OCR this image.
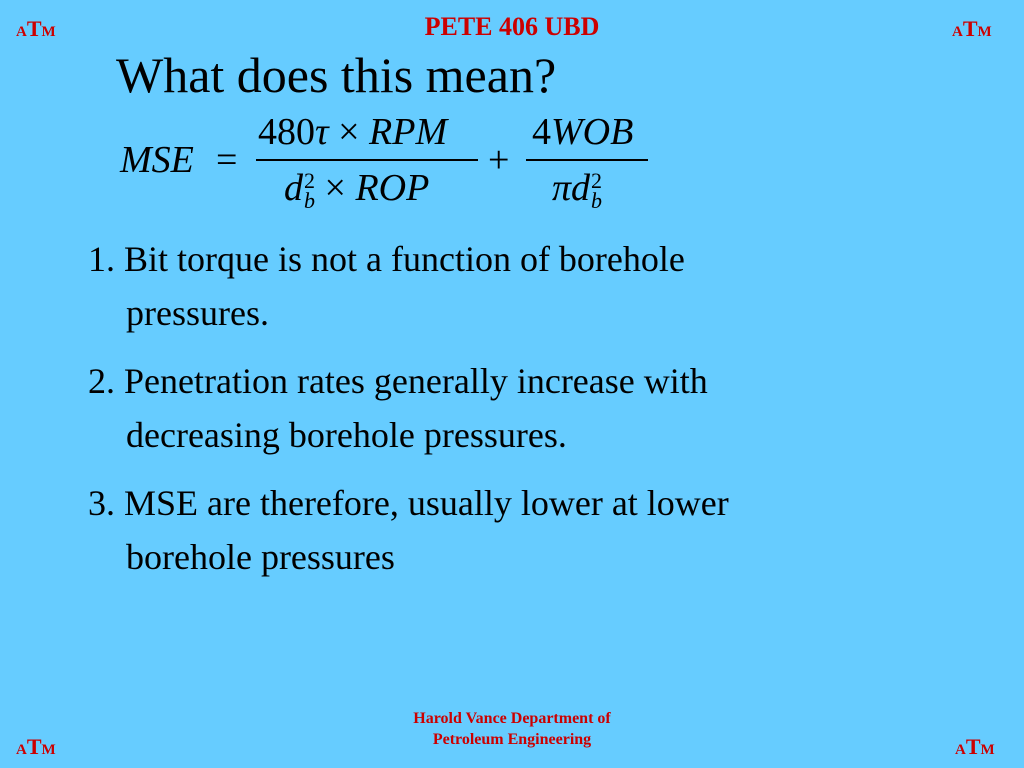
ATM	ATM
ATM	ATM
PETE 406 UBD
What does this mean?
MSE =
480τ × RPM
d 2
b × ROP
+
4WOB
πd 2
b
1. Bit torque is not a function of borehole
pressures.
2. Penetration rates generally increase with
decreasing borehole pressures.
3. MSE are therefore, usually lower at lower
borehole pressures
Harold Vance Department of
Petroleum Engineering
